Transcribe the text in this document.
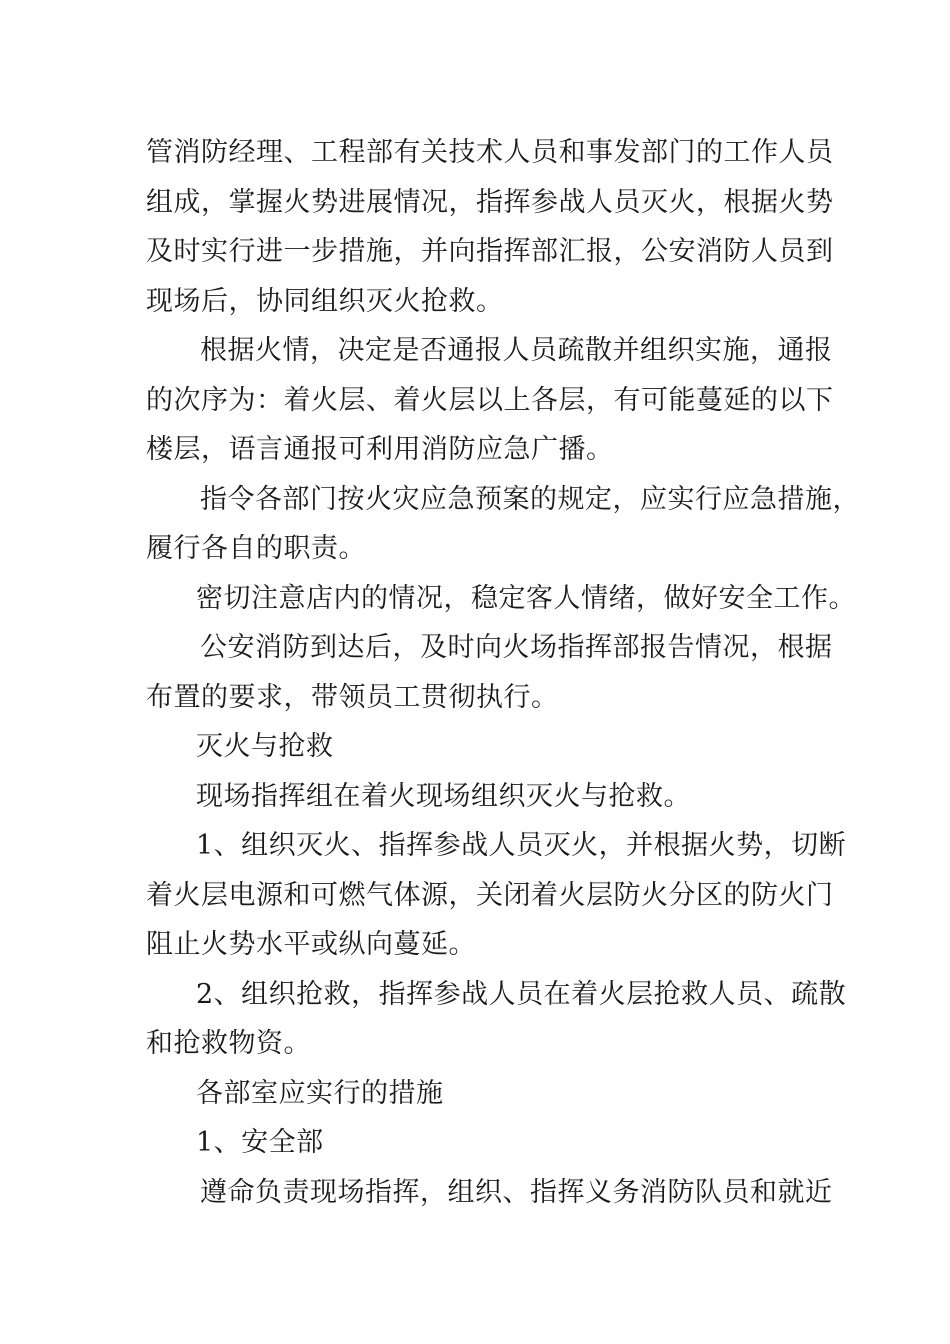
管消防经理、工程部有关技术人员和事发部门的工作人员
组成，掌握火势进展情况，指挥参战人员灭火，根据火势
及时实行进一步措施，并向指挥部汇报，公安消防人员到
现场后，协同组织灭火抢救。
根据火情，决定是否通报人员疏散并组织实施，通报
的次序为：着火层、着火层以上各层，有可能蔓延的以下
楼层，语言通报可利用消防应急广播。
指令各部门按火灾应急预案的规定，应实行应急措施，
履行各自的职责。
密切注意店内的情况，稳定客人情绪，做好安全工作。
公安消防到达后，及时向火场指挥部报告情况，根据
布置的要求，带领员工贯彻执行。
灭火与抢救
现场指挥组在着火现场组织灭火与抢救。
1、组织灭火、指挥参战人员灭火，并根据火势，切断
着火层电源和可燃气体源，关闭着火层防火分区的防火门
阻止火势水平或纵向蔓延。
2、组织抢救，指挥参战人员在着火层抢救人员、疏散
和抢救物资。
各部室应实行的措施
1、安全部
遵命负责现场指挥，组织、指挥义务消防队员和就近
